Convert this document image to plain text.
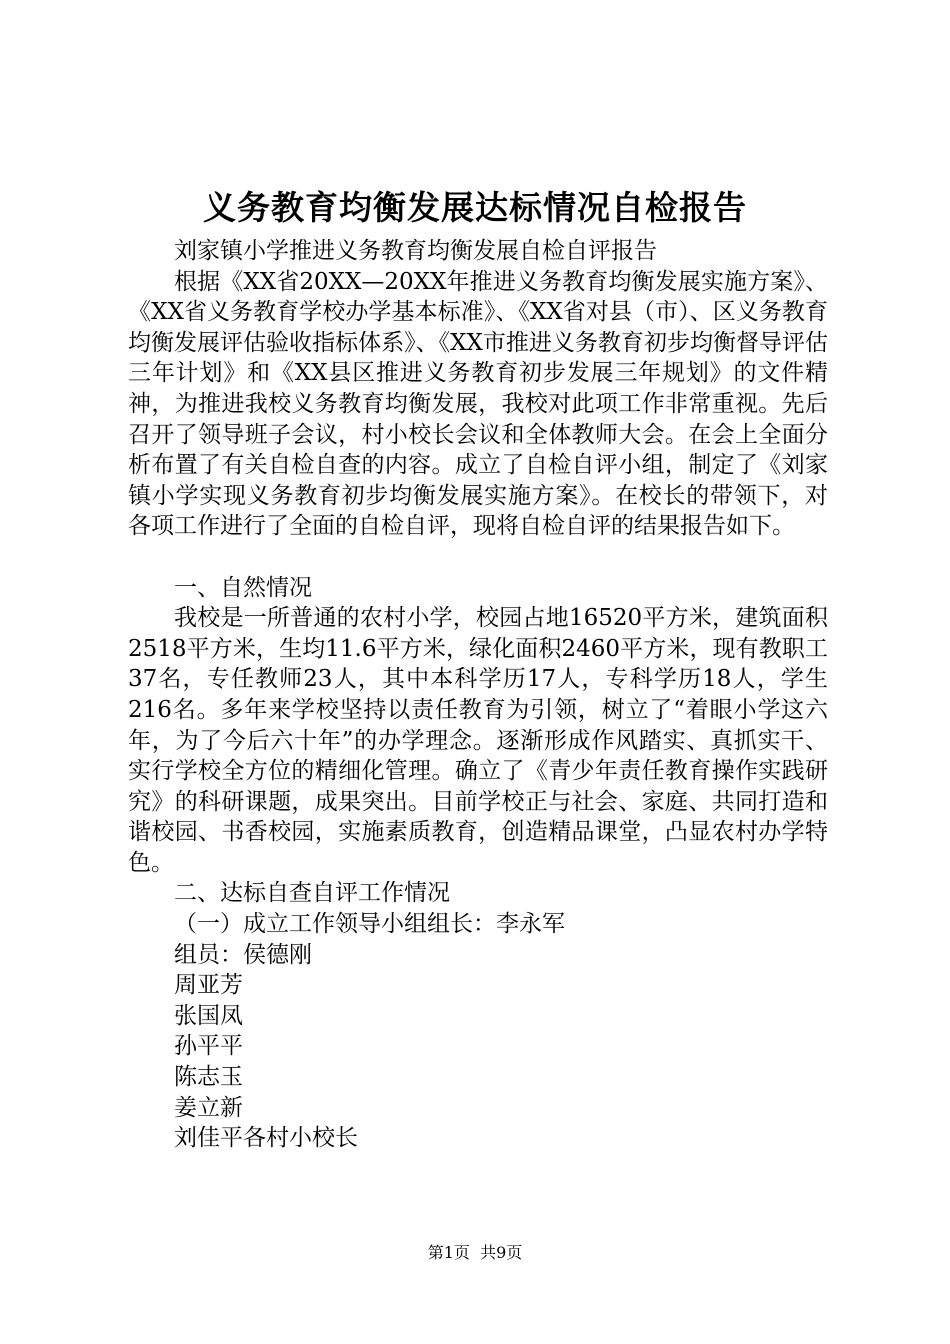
义务教育均衡发展达标情况自检报告

刘家镇小学推进义务教育均衡发展自检自评报告

根据《XX省20XX—20XX年推进义务教育均衡发展实施方案》、《XX省义务教育学校办学基本标准》、《XX省对县（市）、区义务教育均衡发展评估验收指标体系》、《XX市推进义务教育初步均衡督导评估三年计划》和《XX县区推进义务教育初步发展三年规划》的文件精神，为推进我校义务教育均衡发展，我校对此项工作非常重视。先后召开了领导班子会议，村小校长会议和全体教师大会。在会上全面分析布置了有关自检自查的内容。成立了自检自评小组，制定了《刘家镇小学实现义务教育初步均衡发展实施方案》。在校长的带领下，对各项工作进行了全面的自检自评，现将自检自评的结果报告如下。

一、自然情况

我校是一所普通的农村小学，校园占地16520平方米，建筑面积2518平方米，生均11.6平方米，绿化面积2460平方米，现有教职工37名，专任教师23人，其中本科学历17人，专科学历18人，学生216名。多年来学校坚持以责任教育为引领，树立了“着眼小学这六年，为了今后六十年”的办学理念。逐渐形成作风踏实、真抓实干、实行学校全方位的精细化管理。确立了《青少年责任教育操作实践研究》的科研课题，成果突出。目前学校正与社会、家庭、共同打造和谐校园、书香校园，实施素质教育，创造精品课堂，凸显农村办学特色。

二、达标自查自评工作情况

（一）成立工作领导小组组长：李永军

组员：侯德刚

周亚芳

张国凤

孙平平

陈志玉

姜立新

刘佳平各村小校长

第1页  共9页
